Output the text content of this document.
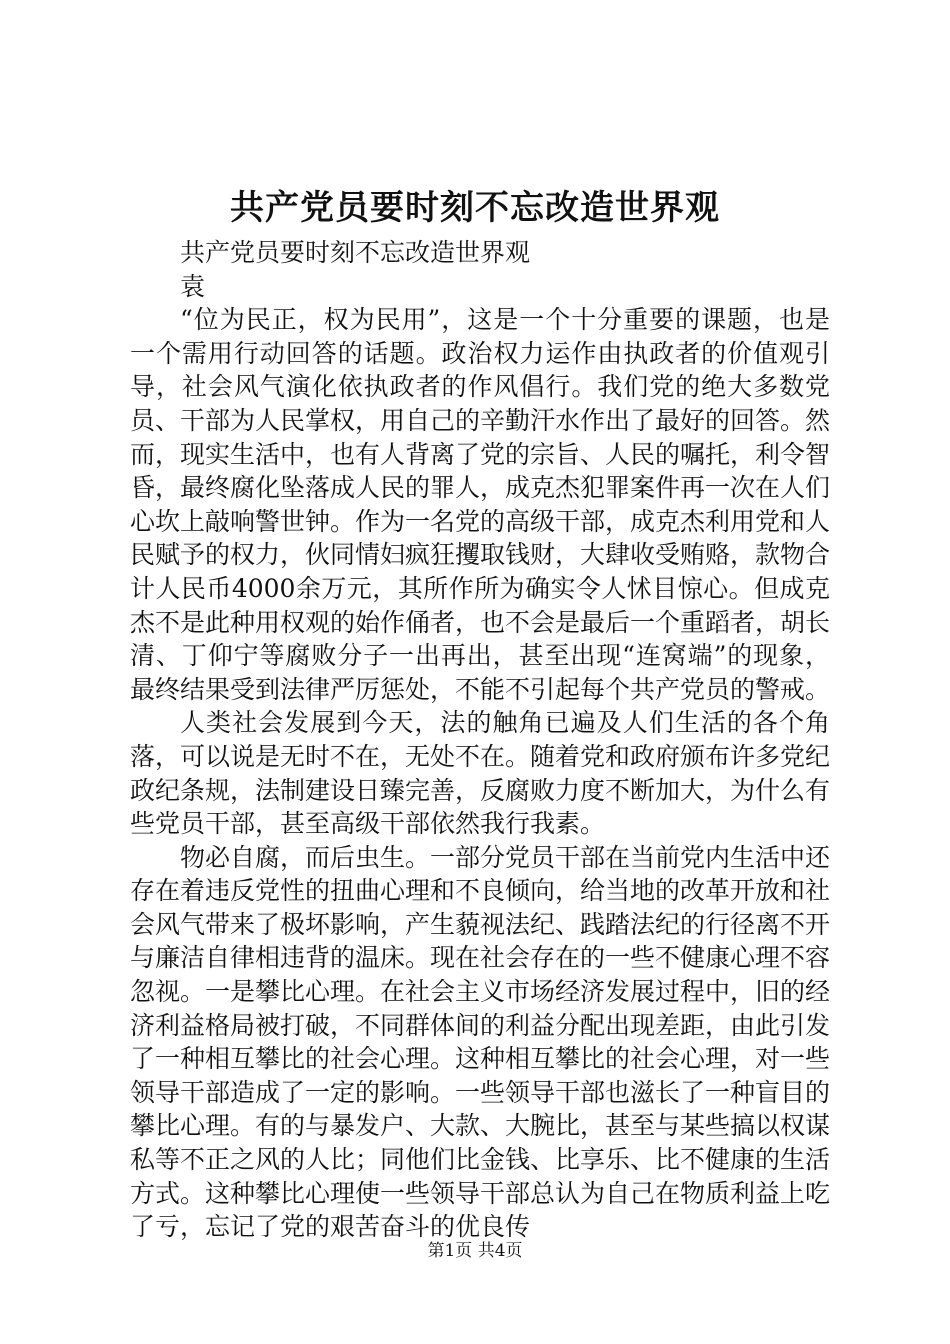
共产党员要时刻不忘改造世界观

共产党员要时刻不忘改造世界观

袁

“位为民正，权为民用”，这是一个十分重要的课题，也是一个需用行动回答的话题。政治权力运作由执政者的价值观引导，社会风气演化依执政者的作风倡行。我们党的绝大多数党员、干部为人民掌权，用自己的辛勤汗水作出了最好的回答。然而，现实生活中，也有人背离了党的宗旨、人民的嘱托，利令智昏，最终腐化坠落成人民的罪人，成克杰犯罪案件再一次在人们心坎上敲响警世钟。作为一名党的高级干部，成克杰利用党和人民赋予的权力，伙同情妇疯狂攫取钱财，大肆收受贿赂，款物合计人民币4000余万元，其所作所为确实令人怵目惊心。但成克杰不是此种用权观的始作俑者，也不会是最后一个重蹈者，胡长清、丁仰宁等腐败分子一出再出，甚至出现“连窝端”的现象，最终结果受到法律严厉惩处，不能不引起每个共产党员的警戒。

人类社会发展到今天，法的触角已遍及人们生活的各个角落，可以说是无时不在，无处不在。随着党和政府颁布许多党纪政纪条规，法制建设日臻完善，反腐败力度不断加大，为什么有些党员干部，甚至高级干部依然我行我素。

物必自腐，而后虫生。一部分党员干部在当前党内生活中还存在着违反党性的扭曲心理和不良倾向，给当地的改革开放和社会风气带来了极坏影响，产生藐视法纪、践踏法纪的行径离不开与廉洁自律相违背的温床。现在社会存在的一些不健康心理不容忽视。一是攀比心理。在社会主义市场经济发展过程中，旧的经济利益格局被打破，不同群体间的利益分配出现差距，由此引发了一种相互攀比的社会心理。这种相互攀比的社会心理，对一些领导干部造成了一定的影响。一些领导干部也滋长了一种盲目的攀比心理。有的与暴发户、大款、大腕比，甚至与某些搞以权谋私等不正之风的人比；同他们比金钱、比享乐、比不健康的生活方式。这种攀比心理使一些领导干部总认为自己在物质利益上吃了亏，忘记了党的艰苦奋斗的优良传

第1页 共4页
